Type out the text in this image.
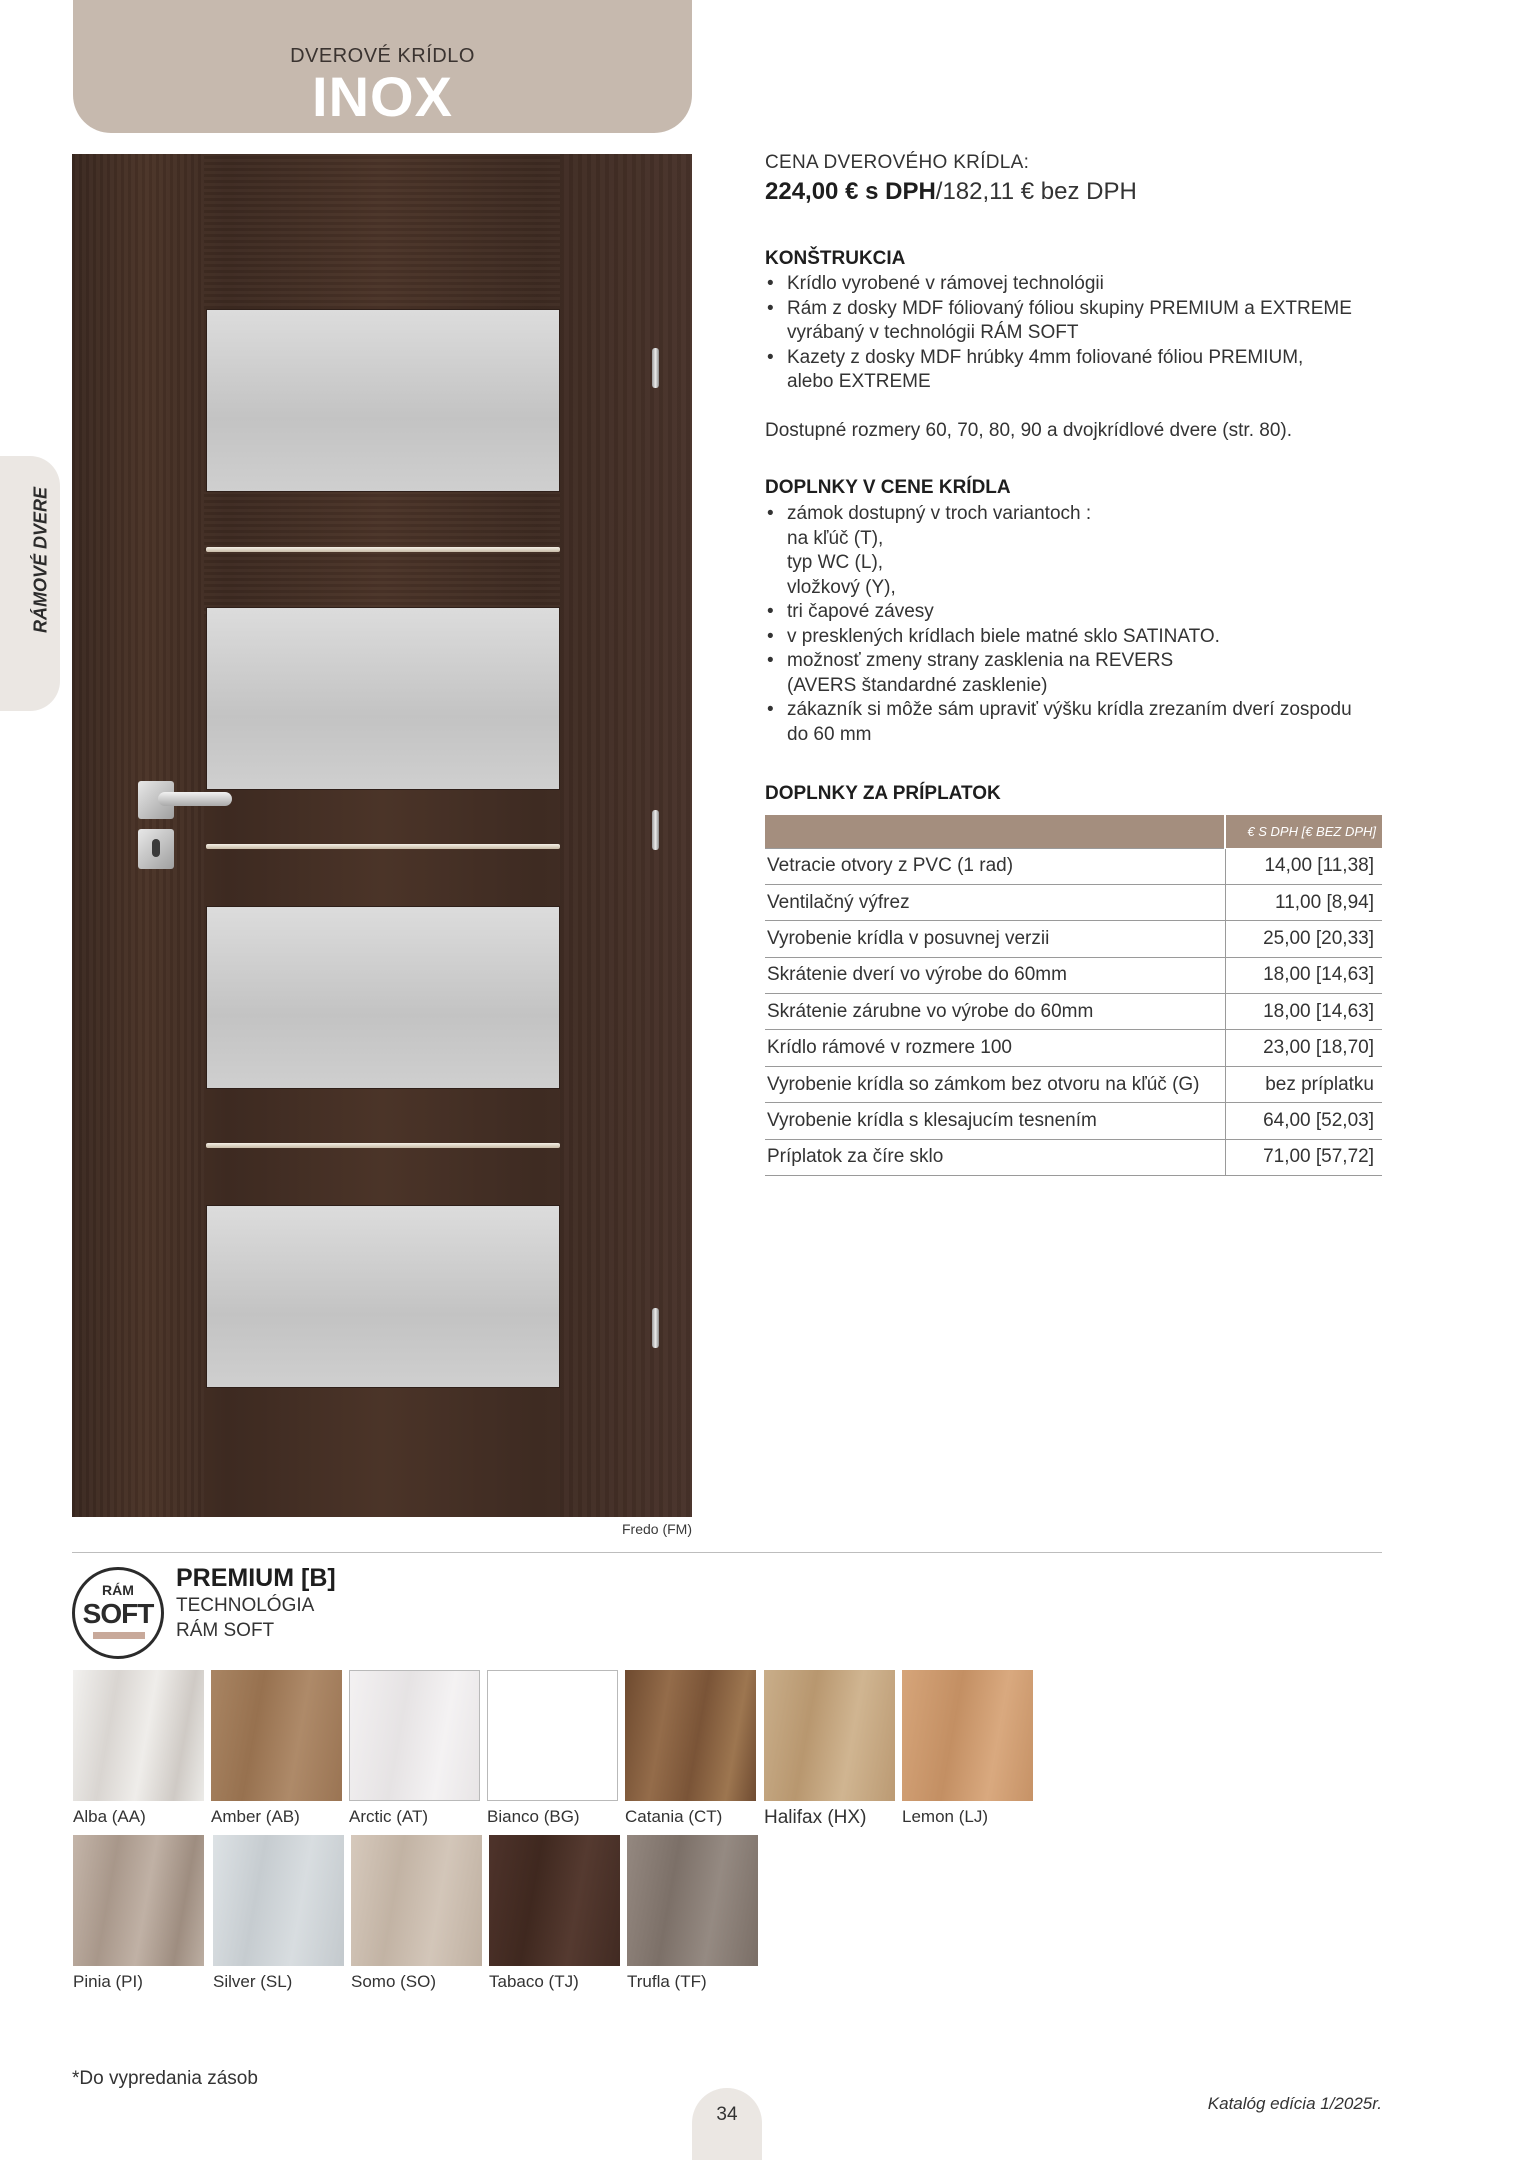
DVEROVÉ KRÍDLO
INOX
RÁMOVÉ DVERE
Fredo (FM)
CENA DVEROVÉHO KRÍDLA:
224,00 € s DPH/182,11 € bez DPH
KONŠTRUKCIA
• Krídlo vyrobené v rámovej technológii
• Rám z dosky MDF fóliovaný fóliou skupiny PREMIUM a EXTREME
vyrábaný v technológii RÁM SOFT
• Kazety z dosky MDF hrúbky 4mm foliované fóliou PREMIUM,
alebo EXTREME
Dostupné rozmery 60, 70, 80, 90 a dvojkrídlové dvere (str. 80).
DOPLNKY V CENE KRÍDLA
• zámok dostupný v troch variantoch :
na kľúč (T),
typ WC (L),
vložkový (Y),
• tri čapové závesy
• v presklených krídlach biele matné sklo SATINATO.
• možnosť zmeny strany zasklenia na REVERS
(AVERS štandardné zasklenie)
• zákazník si môže sám upraviť výšku krídla zrezaním dverí zospodu
do 60 mm
DOPLNKY ZA PRÍPLATOK
	€ S DPH [€ BEZ DPH]
Vetracie otvory z PVC (1 rad)	14,00 [11,38]
Ventilačný výfrez	11,00 [8,94]
Vyrobenie krídla v posuvnej verzii	25,00 [20,33]
Skrátenie dverí vo výrobe do 60mm	18,00 [14,63]
Skrátenie zárubne vo výrobe do 60mm	18,00 [14,63]
Krídlo rámové v rozmere 100	23,00 [18,70]
Vyrobenie krídla so zámkom bez otvoru na kľúč (G)	bez príplatku
Vyrobenie krídla s klesajucím tesnením	64,00 [52,03]
Príplatok za číre sklo	71,00 [57,72]
RÁM
SOFT
PREMIUM [B]
TECHNOLÓGIA
RÁM SOFT
Alba (AA)	Amber (AB)	Arctic (AT)	Bianco (BG)	Catania (CT) Halifax (HX) Lemon (LJ)
Pinia (PI)	Silver (SL)	Somo (SO)	Tabaco (TJ)	Trufla (TF)
*Do vypredania zásob
34
Katalóg edícia 1/2025r.
